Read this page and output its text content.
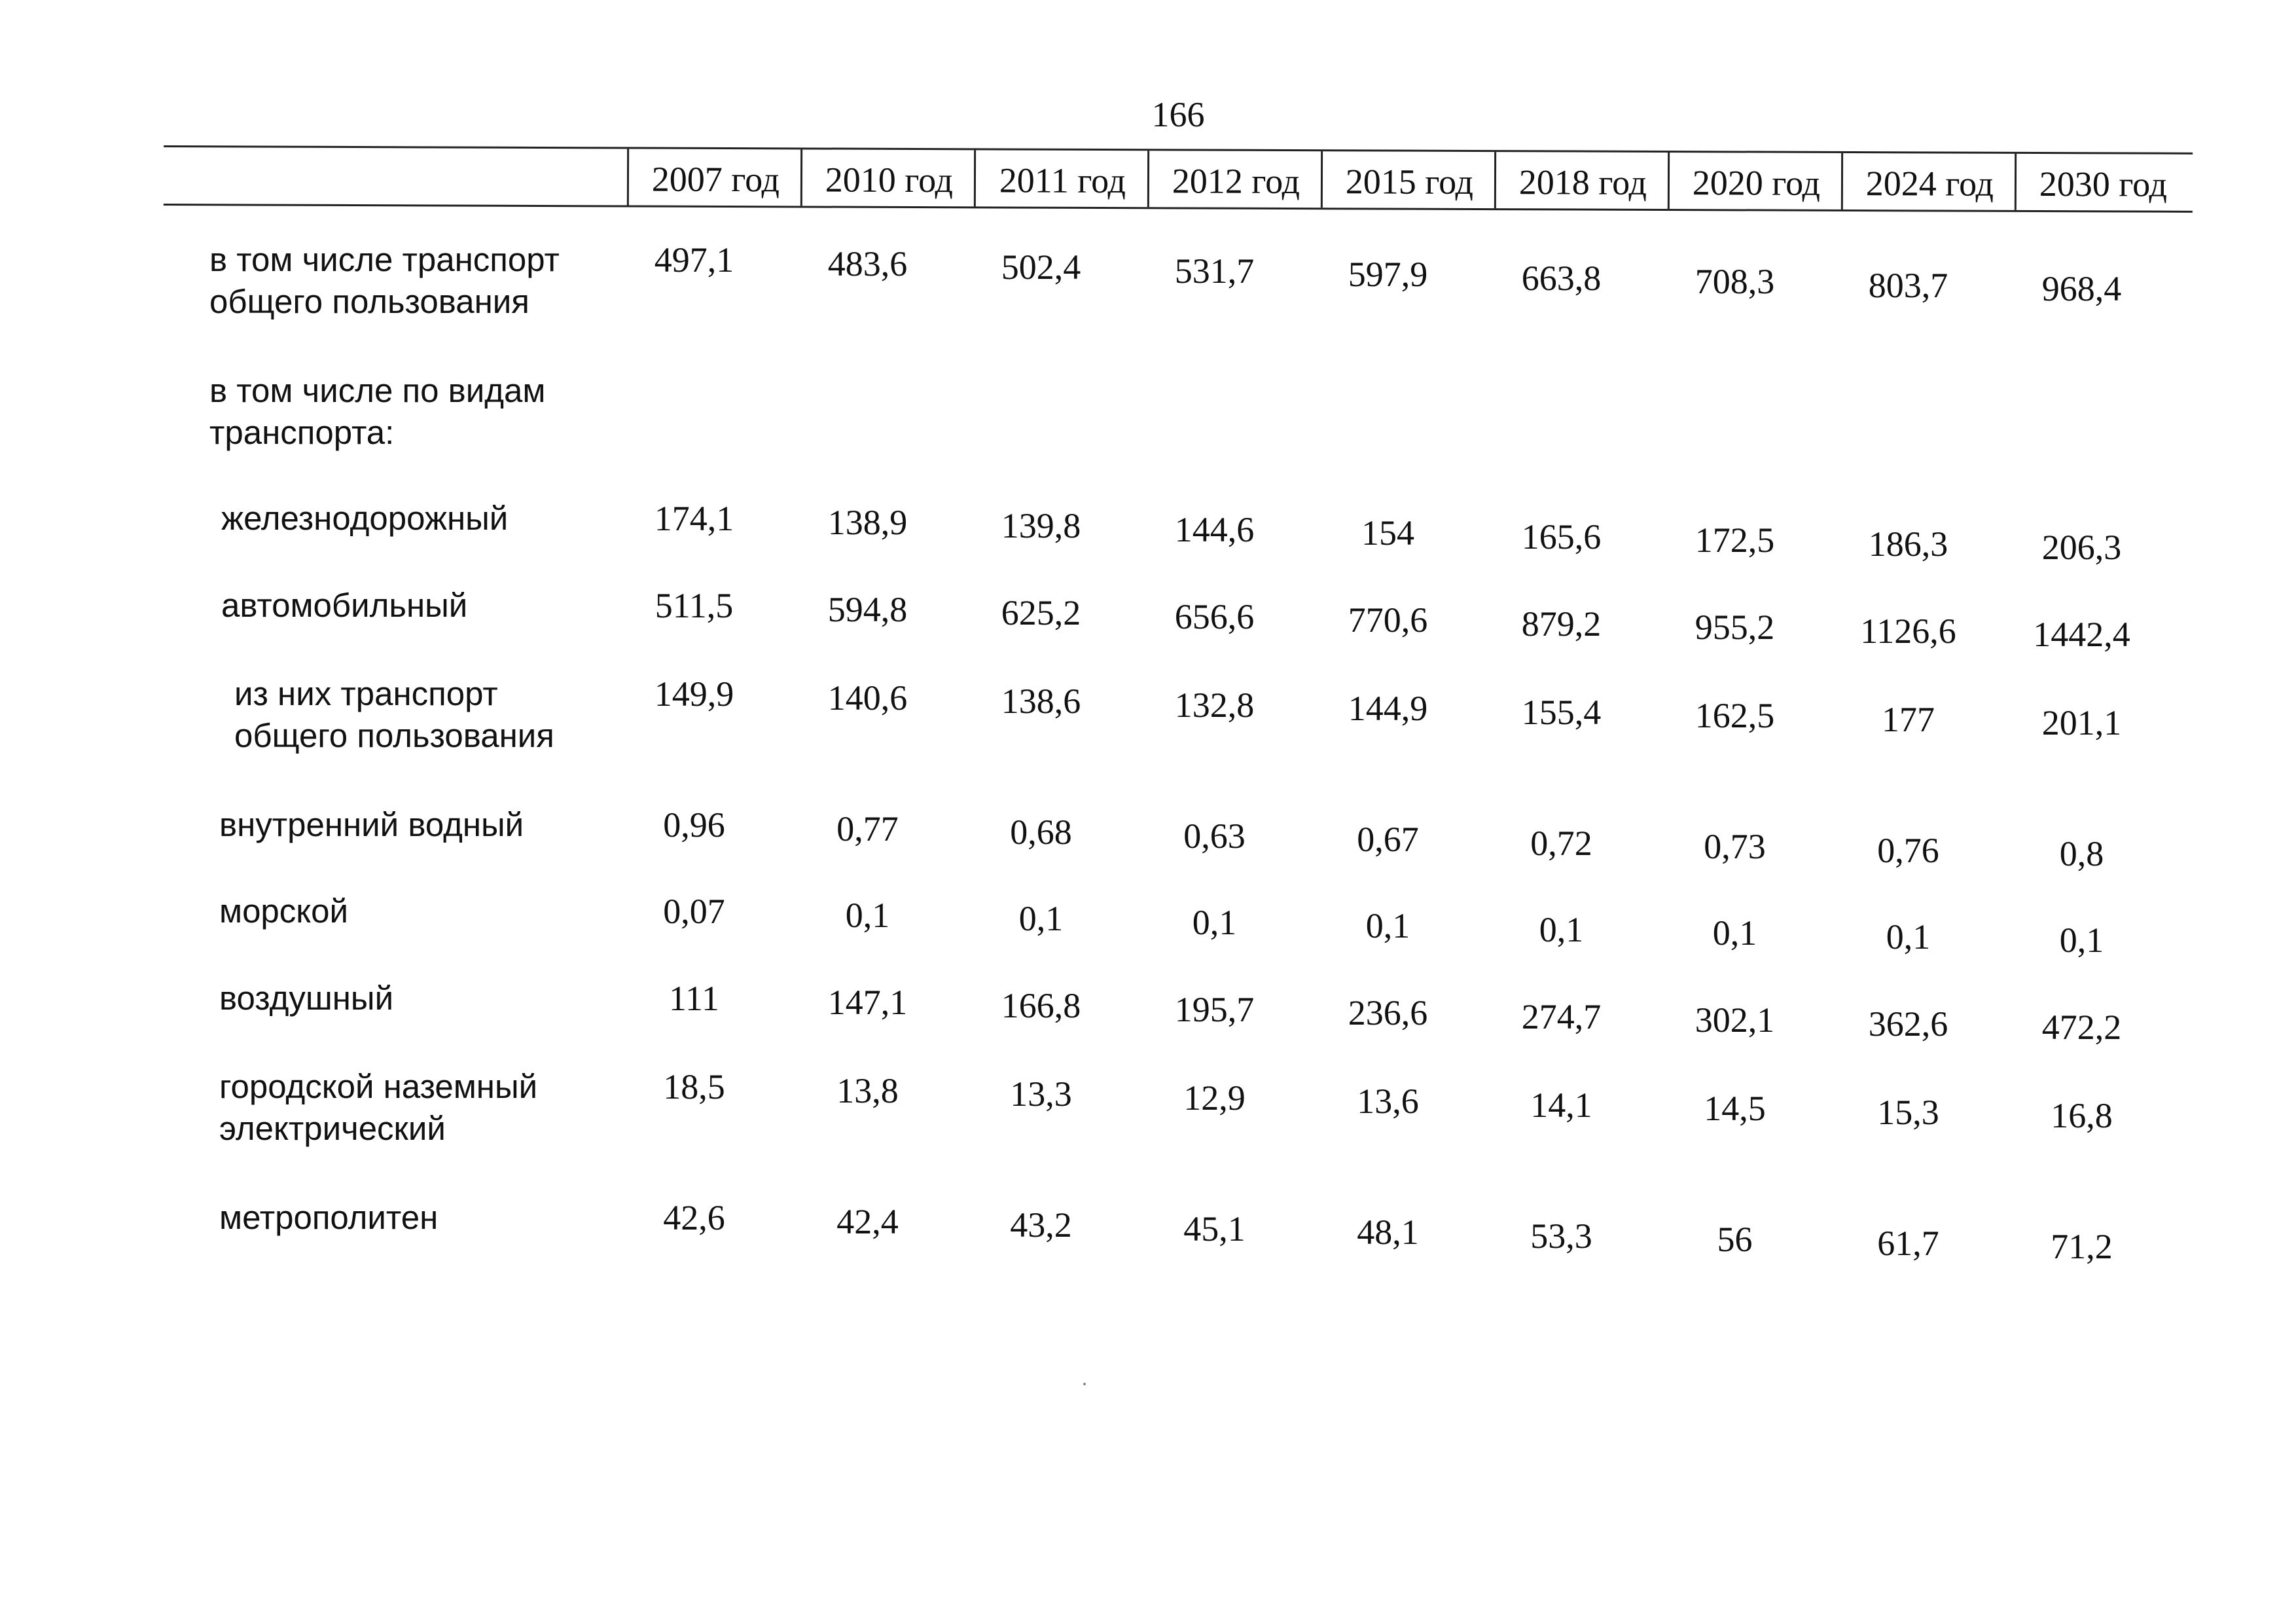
166
2007 год	2010 год	2011 год	2012 год	2015 год	2018 год	2020 год	2024 год	2030 год
в том числе транспорт
общего пользования
497,1	483,6	502,4	531,7	597,9	663,8	708,3	803,7	968,4
в том числе по видам
транспорта:
железнодорожный	174,1	138,9	139,8	144,6	154	165,6	172,5	186,3	206,3
автомобильный	511,5	594,8	625,2	656,6	770,6	879,2	955,2	1126,6	1442,4
из них транспорт
общего пользования
149,9	140,6	138,6	132,8	144,9	155,4	162,5	177	201,1
внутренний водный	0,96	0,77	0,68	0,63	0,67	0,72	0,73	0,76	0,8
морской	0,07	0,1	0,1	0,1	0,1	0,1	0,1	0,1	0,1
воздушный	111	147,1	166,8	195,7	236,6	274,7	302,1	362,6	472,2
городской наземный
электрический
18,5	13,8	13,3	12,9	13,6	14,1	14,5	15,3	16,8
метрополитен	42,6	42,4	43,2	45,1	48,1	53,3	56	61,7	71,2
